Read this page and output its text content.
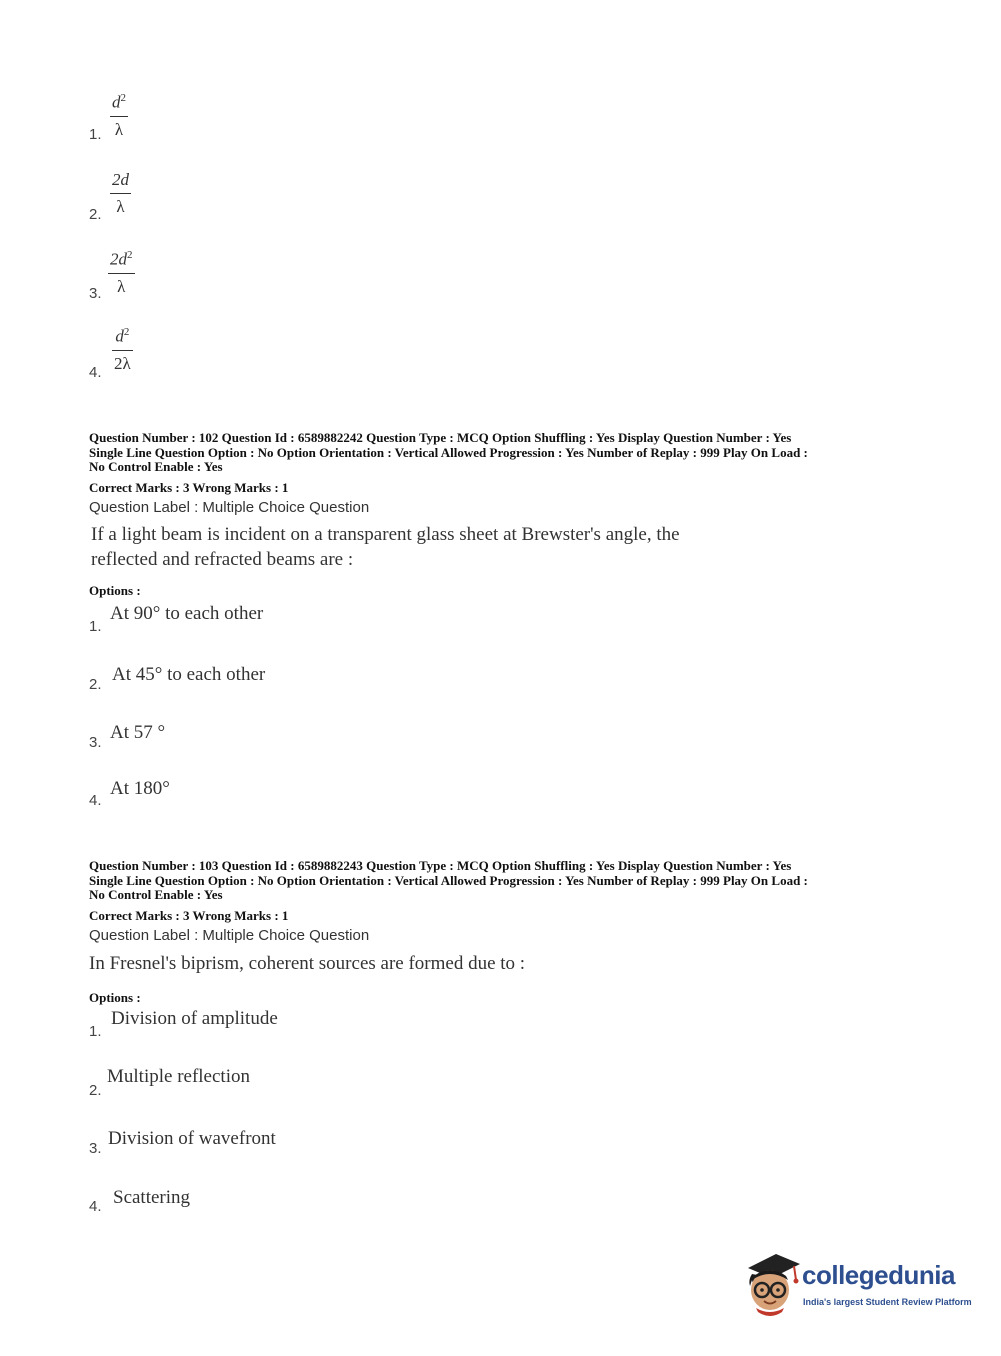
1.
$d^2$
λ
2.
2d
λ
3.
$2d^2$
λ
4.
$d^2$
2λ
Question Number : 102 Question Id : 6589882242 Question Type : MCQ Option Shuffling : Yes Display Question Number : Yes
Single Line Question Option : No Option Orientation : Vertical Allowed Progression : Yes Number of Replay : 999 Play On Load :
No Control Enable : Yes
Correct Marks : 3 Wrong Marks : 1
Question Label : Multiple Choice Question
If a light beam is incident on a transparent glass sheet at Brewster's angle, the
reflected and refracted beams are :
Options :
1.
At 90° to each other
2. At 45° to each other
3. At 57 °
4.
At 180°
Question Number : 103 Question Id : 6589882243 Question Type : MCQ Option Shuffling : Yes Display Question Number : Yes
Single Line Question Option : No Option Orientation : Vertical Allowed Progression : Yes Number of Replay : 999 Play On Load :
No Control Enable : Yes
Correct Marks : 3 Wrong Marks : 1
Question Label : Multiple Choice Question
In Fresnel's biprism, coherent sources are formed due to :
Options :
1.
Division of amplitude
2.
Multiple reflection
3. Division of wavefront
4. Scattering
collegedunia
India's largest Student Review Platform
